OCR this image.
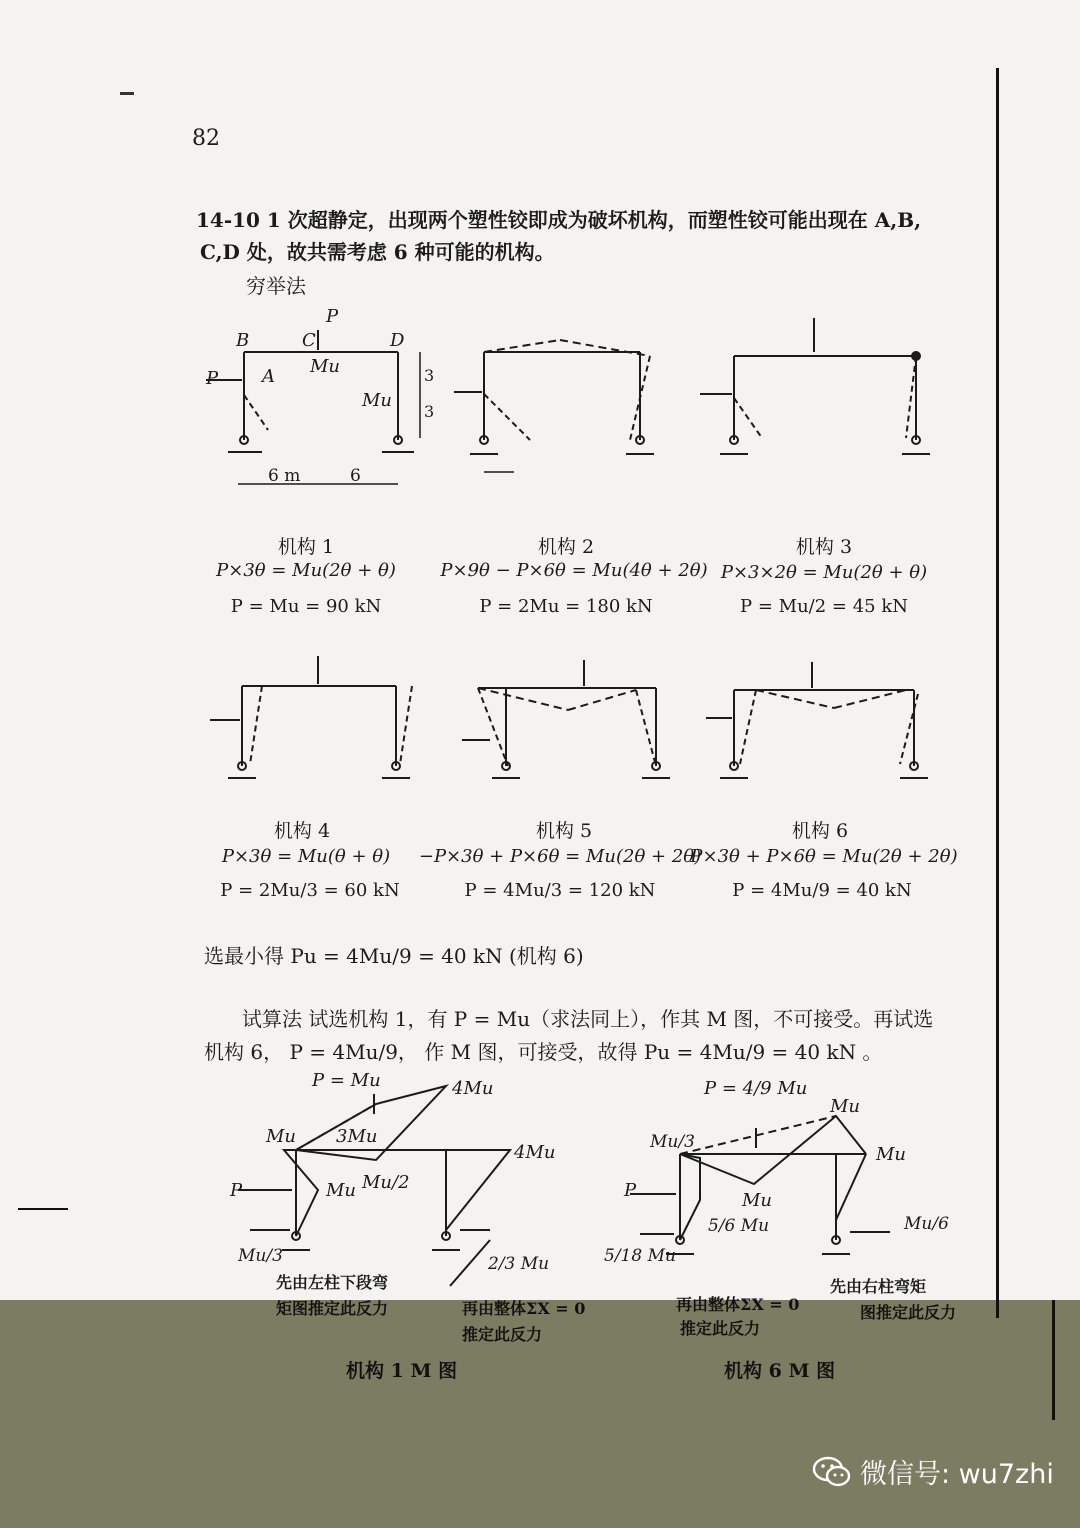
82
14-10 1 次超静定，出现两个塑性铰即成为破坏机构，而塑性铰可能出现在 A,B,
C,D 处，故共需考虑 6 种可能的机构。
穷举法
B	C	D
P
Mu
P A
Mu
3
3
6 m	6
机构 1
P×3θ = Mu(2θ + θ)
P = Mu = 90 kN
机构 2
P×9θ − P×6θ = Mu(4θ + 2θ)
P = 2Mu = 180 kN
机构 3
P×3×2θ = Mu(2θ + θ)
P = Mu/2 = 45 kN
机构 4
P×3θ = Mu(θ + θ)
P = 2Mu/3 = 60 kN
机构 5
−P×3θ + P×6θ = Mu(2θ + 2θ)
P = 4Mu/3 = 120 kN
机构 6
P×3θ + P×6θ = Mu(2θ + 2θ)
P = 4Mu/9 = 40 kN
选最小得 Pu = 4Mu/9 = 40 kN (机构 6)
试算法 试选机构 1，有 P = Mu（求法同上），作其 M 图，不可接受。再试选
机构 6， P = 4Mu/9， 作 M 图，可接受，故得 Pu = 4Mu/9 = 40 kN 。
P = Mu	4Mu
Mu 3Mu
4Mu
P	Mu Mu/2
Mu/3	2/3 Mu
P = 4/9 Mu
Mu
Mu/3
Mu
P	Mu
5/6 Mu
5/18 Mu
Mu/6
先由左柱下段弯	先由右柱弯矩
矩图推定此反力	再由整体ΣX = 0
推定此反力
再由整体ΣX = 0
推定此反力
图推定此反力
机构 1 M 图	机构 6 M 图
微信号: wu7zhi
